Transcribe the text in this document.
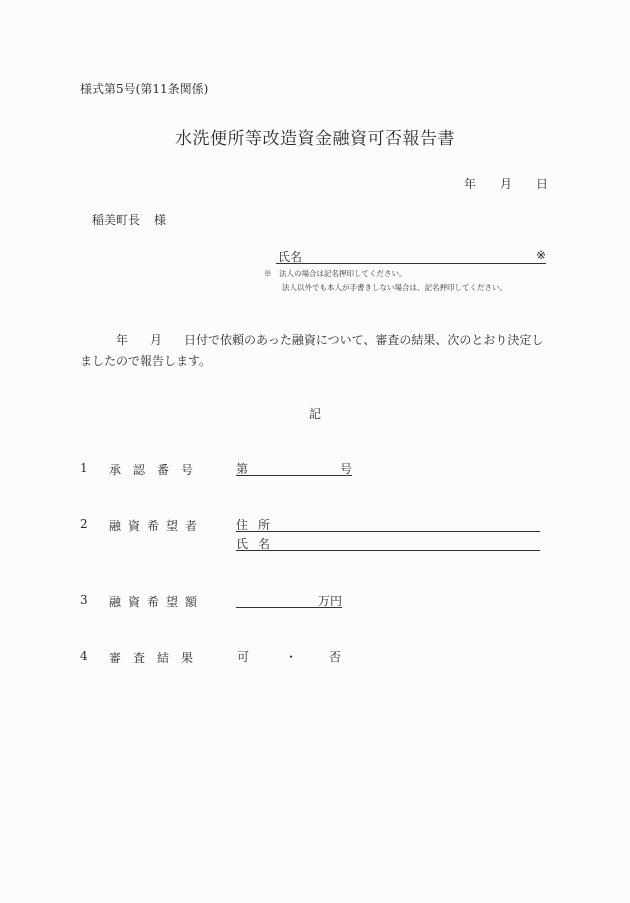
様式第5号(第11条関係)
水洗便所等改造資金融資可否報告書
年 月 日
稲美町長 様
氏名	※
※　法人の場合は記名押印してください。
法人以外でも本人が手書きしない場合は、記名押印してください。
年 月 日付で依頼のあった融資について、審査の結果、次のとおり決定しましたので報告します。
記
1 承認番号	第	号
2 融資希望者	住所
氏名
3 融資希望額	万円
4 審査結果	可	・	否
